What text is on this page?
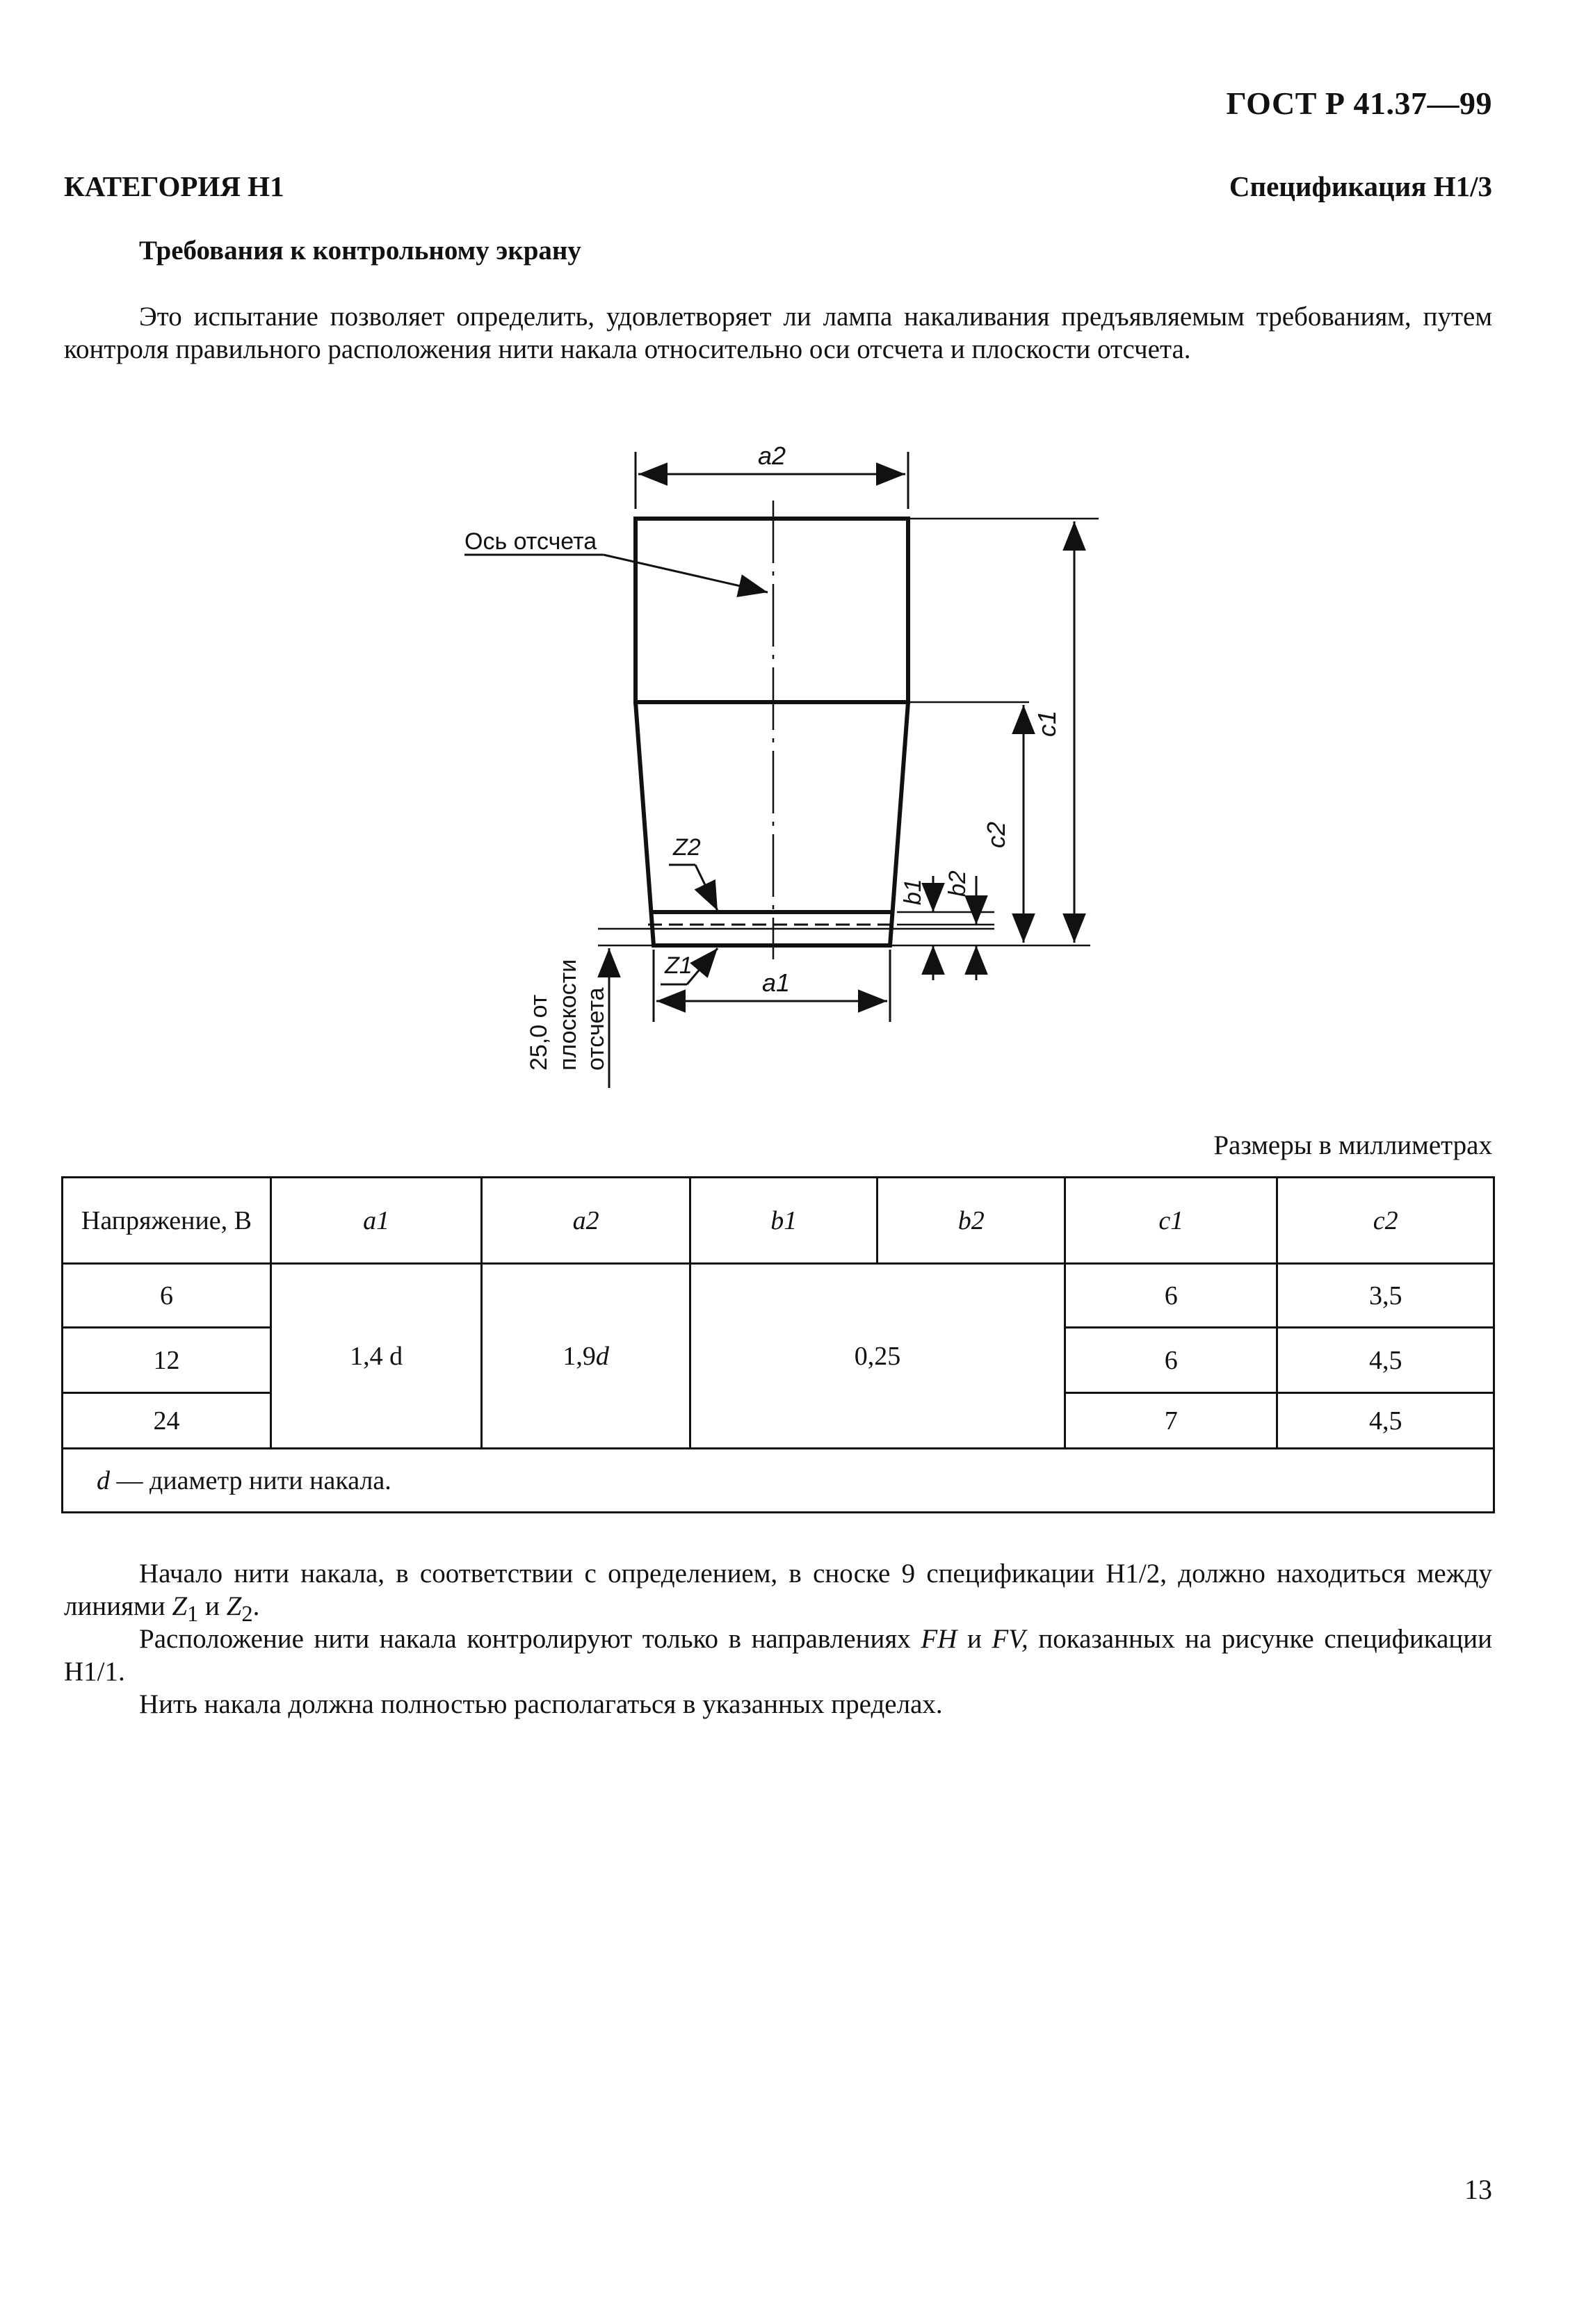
ГОСТ Р 41.37—99
КАТЕГОРИЯ Н1	Спецификация Н1/3
Требования к контрольному экрану
Это испытание позволяет определить, удовлетворяет ли лампа накаливания предъявляемым требованиям, путем контроля правильного расположения нити накала относительно оси отсчета и плоскости отсчета.
a2
Ось отсчета
c1
c2
b1 b2
Z2
Z1
a1
25,0 от плоскости отсчета
Размеры в миллиметрах
Напряжение, В	a1	a2	b1	b2	c1	c2
6	1,4 d	1,9d	0,25		6	3,5
12					6	4,5
24					7	4,5
d — диаметр нити накала.						
Начало нити накала, в соответствии с определением, в сноске 9 спецификации Н1/2, должно находиться между линиями $Z_1$ и $Z_2$.
Расположение нити накала контролируют только в направлениях FH и FV, показанных на рисунке спецификации Н1/1.
Нить накала должна полностью располагаться в указанных пределах.
13
